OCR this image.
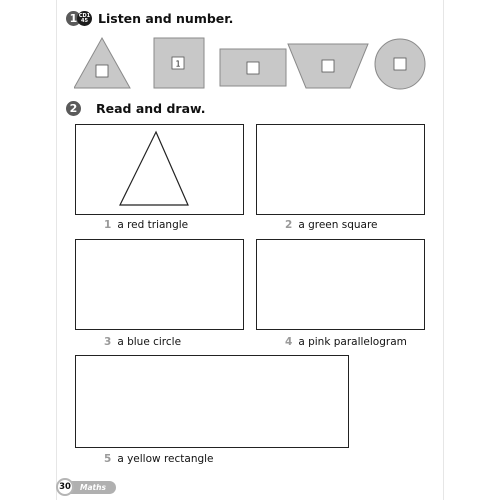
1 CD1
45 Listen and number.
1
2 Read and draw.
1 a red triangle	2 a green square
3 a blue circle	4 a pink parallelogram
5 a yellow rectangle
30	Maths
